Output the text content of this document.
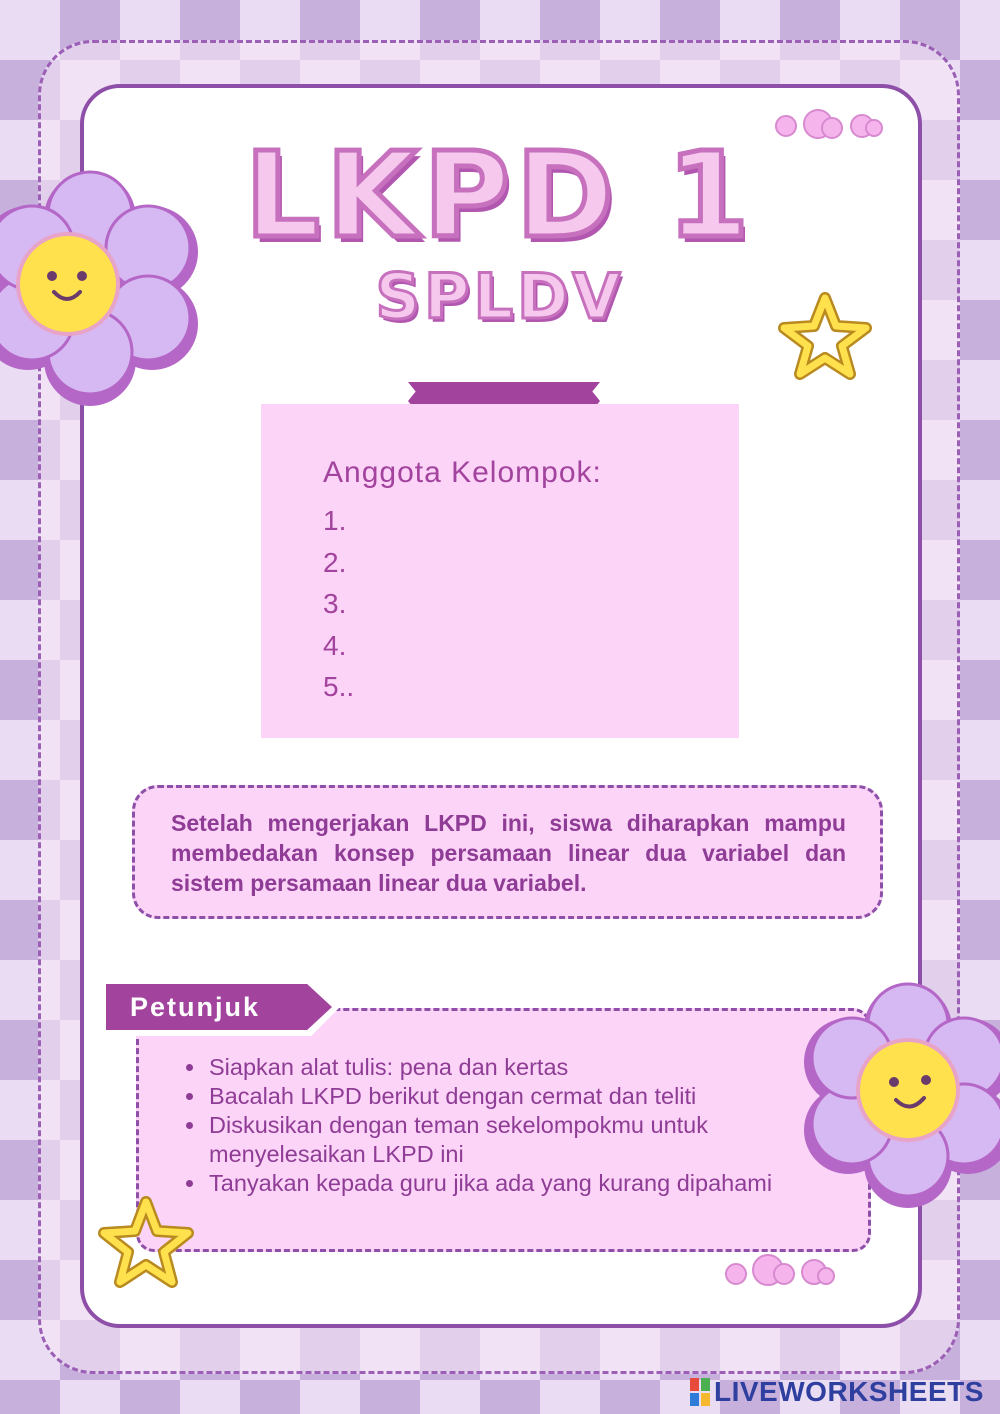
LKPD 1
SPLDV
Anggota Kelompok:
1.
2.
3.
4.
5..

Setelah mengerjakan LKPD ini, siswa diharapkan mampu membedakan konsep persamaan linear dua variabel dan sistem persamaan linear dua variabel.

• Siapkan alat tulis: pena dan kertas
• Bacalah LKPD berikut dengan cermat dan teliti
• Diskusikan dengan teman sekelompokmu untuk menyelesaikan LKPD ini
• Tanyakan kepada guru jika ada yang kurang dipahami
Petunjuk
LIVEWORKSHEETS
